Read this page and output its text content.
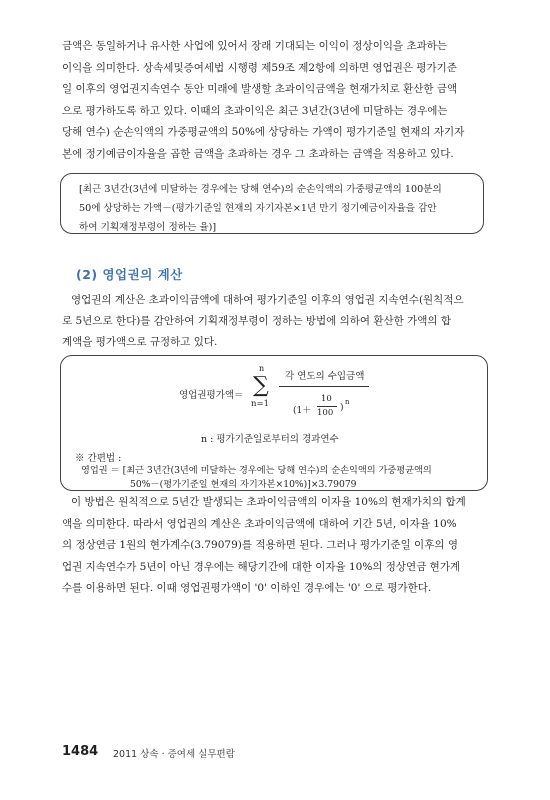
금액은 동일하거나 유사한 사업에 있어서 장래 기대되는 이익이 정상이익을 초과하는
이익을 의미한다. 상속세및증여세법 시행령 제59조 제2항에 의하면 영업권은 평가기준
일 이후의 영업권지속연수 동안 미래에 발생할 초과이익금액을 현재가치로 환산한 금액
으로 평가하도록 하고 있다. 이때의 초과이익은 최근 3년간(3년에 미달하는 경우에는
당해 연수) 순손익액의 가중평균액의 50%에 상당하는 가액이 평가기준일 현재의 자기자
본에 정기예금이자율을 곱한 금액을 초과하는 경우 그 초과하는 금액을 적용하고 있다.
[최근 3년간(3년에 미달하는 경우에는 당해 연수)의 순손익액의 가중평균액의 100분의
50에 상당하는 가액－(평가기준일 현재의 자기자본×1년 만기 정기예금이자율을 감안
하여 기획재정부령이 정하는 율)]
(2) 영업권의 계산
영업권의 계산은 초과이익금액에 대하여 평가기준일 이후의 영업권 지속연수(원칙적으
로 5년으로 한다)를 감안하여 기획재정부령이 정하는 방법에 의하여 환산한 가액의 합
계액을 평가액으로 규정하고 있다.
영업권평가액＝
n
∑
n=1
각 연도의 수입금액
(1＋
10
100 )
n
n : 평가기준일로부터의 경과연수
※ 간편법 :
영업권 ＝ [최근 3년간(3년에 미달하는 경우에는 당해 연수)의 순손익액의 가중평균액의
50%－(평가기준일 현재의 자기자본×10%)]×3.79079
이 방법은 원칙적으로 5년간 발생되는 초과이익금액의 이자율 10%의 현재가치의 합계
액을 의미한다. 따라서 영업권의 계산은 초과이익금액에 대하여 기간 5년, 이자율 10%
의 정상연금 1원의 현가계수(3.79079)를 적용하면 된다. 그러나 평가기준일 이후의 영
업권 지속연수가 5년이 아닌 경우에는 해당기간에 대한 이자율 10%의 정상연금 현가계
수를 이용하면 된다. 이때 영업권평가액이 '0' 이하인 경우에는 '0' 으로 평가한다.

1484 2011 상속 · 증여세 실무편람
